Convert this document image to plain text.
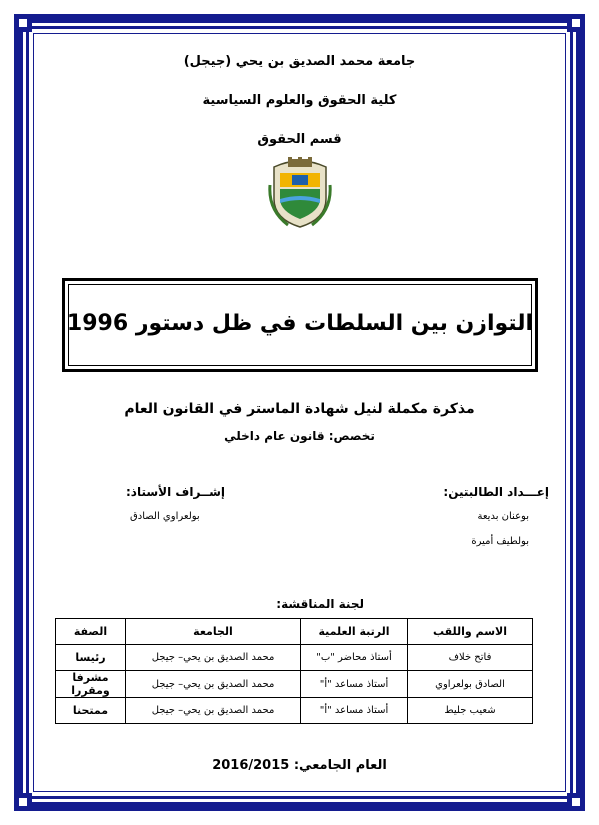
جامعة محمد الصديق بن يحي (جيجل)
كلية الحقوق والعلوم السياسية
قسم الحقوق
التوازن بين السلطات في ظل دستور 1996
مذكرة مكملة لنيل شهادة الماستر في القانون العام
تخصص: قانون عام داخلي
إعـــداد الطالبتين:
بوعنان بديعة
بولطيف أميرة
إشــراف الأستاذ:
بولعراوي الصادق
لجنة المناقشة:
الاسم واللقب	الرتبة العلمية	الجامعة	الصفة
فاتح خلاف	أستاذ محاضر "ب"	محمد الصديق بن يحي– جيجل	رئيسا
الصادق بولعراوي	أستاذ مساعد "أ"	محمد الصديق بن يحي– جيجل	مشرفا ومقررا
شعيب جليط	أستاذ مساعد "أ"	محمد الصديق بن يحي– جيجل	ممتحنا
العام الجامعي: 2016/2015
